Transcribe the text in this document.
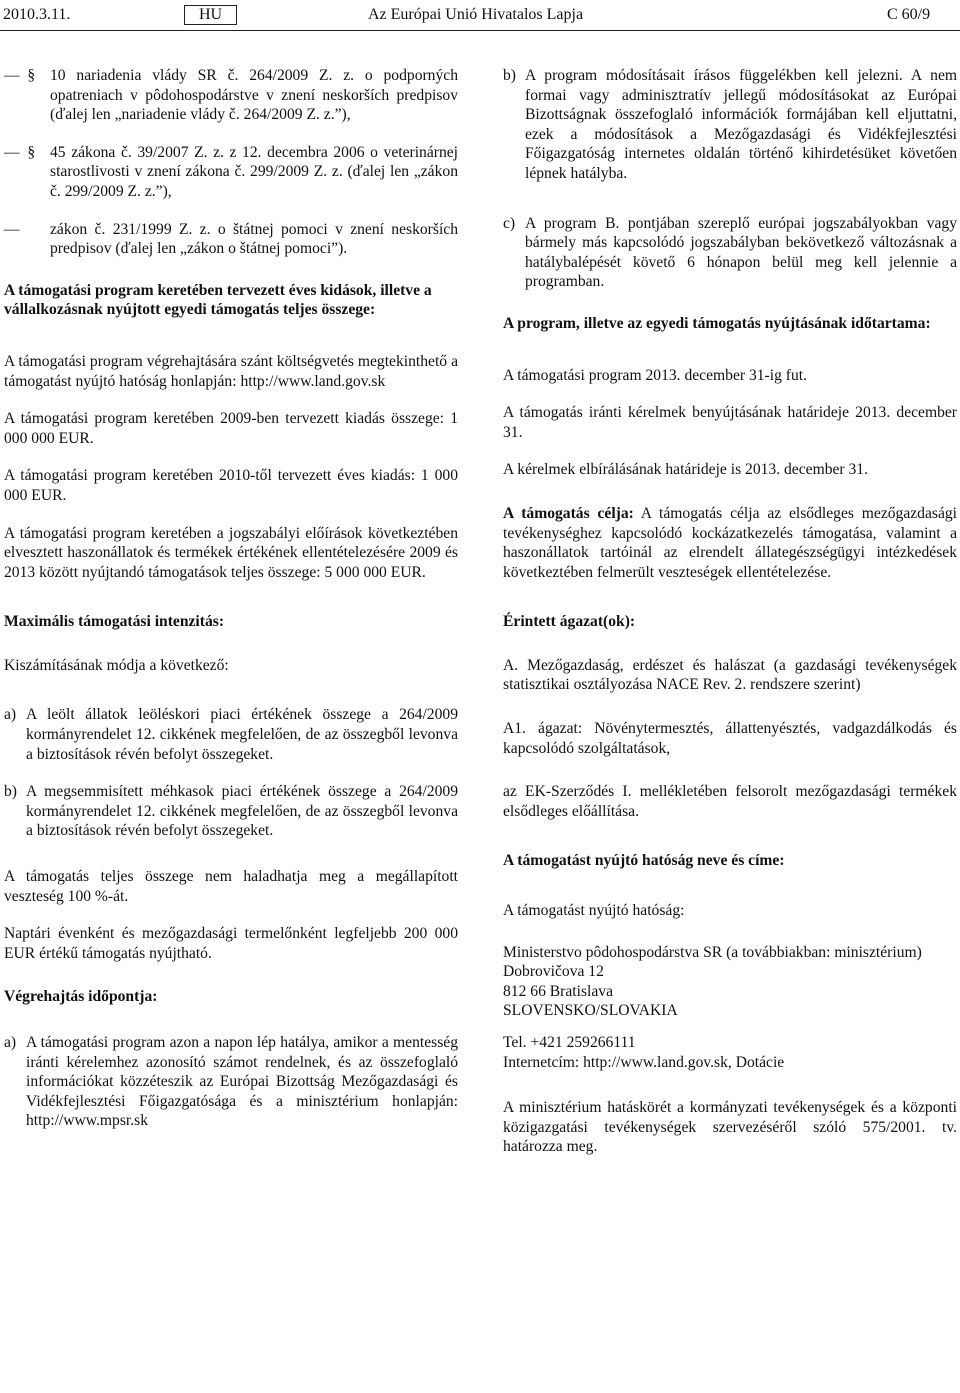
2010.3.11.	HU	Az Európai Unió Hivatalos Lapja	C 60/9
—  § 10 nariadenia vlády SR č. 264/2009 Z. z. o podporných opatreniach v pôdohospodárstve v znení neskorších predpisov (ďalej len „nariadenie vlády č. 264/2009 Z. z.”),
—  § 45 zákona č. 39/2007 Z. z. z 12. decembra 2006 o veterinárnej starostlivosti v znení zákona č. 299/2009 Z. z. (ďalej len „zákon č. 299/2009 Z. z.”),
— zákon č. 231/1999 Z. z. o štátnej pomoci v znení neskorších predpisov (ďalej len „zákon o štátnej pomoci”).

A támogatási program keretében tervezett éves kidások, illetve a vállalkozásnak nyújtott egyedi támogatás teljes összege:

A támogatási program végrehajtására szánt költségvetés megtekinthető a támogatást nyújtó hatóság honlapján: http://www.land.gov.sk

A támogatási program keretében 2009-ben tervezett kiadás összege: 1 000 000 EUR.

A támogatási program keretében 2010-től tervezett éves kiadás: 1 000 000 EUR.

A támogatási program keretében a jogszabályi előírások következtében elvesztett haszonállatok és termékek értékének ellentételezésére 2009 és 2013 között nyújtandó támogatások teljes összege: 5 000 000 EUR.

Maximális támogatási intenzitás:

Kiszámításának módja a következő:

a) A leölt állatok leöléskori piaci értékének összege a 264/2009 kormányrendelet 12. cikkének megfelelően, de az összegből levonva a biztosítások révén befolyt összegeket.
b) A megsemmisített méhkasok piaci értékének összege a 264/2009 kormányrendelet 12. cikkének megfelelően, de az összegből levonva a biztosítások révén befolyt összegeket.

A támogatás teljes összege nem haladhatja meg a megállapított veszteség 100 %-át.

Naptári évenként és mezőgazdasági termelőnként legfeljebb 200 000 EUR értékű támogatás nyújtható.

Végrehajtás időpontja:

a) A támogatási program azon a napon lép hatálya, amikor a mentesség iránti kérelemhez azonosító számot rendelnek, és az összefoglaló információkat közzéteszik az Európai Bizottság Mezőgazdasági és Vidékfejlesztési Főigazgatósága és a minisztérium honlapján: http://www.mpsr.sk
b) A program módosításait írásos függelékben kell jelezni. A nem formai vagy adminisztratív jellegű módosításokat az Európai Bizottságnak összefoglaló információk formájában kell eljuttatni, ezek a módosítások a Mezőgazdasági és Vidékfejlesztési Főigazgatóság internetes oldalán történő kihirdetésüket követően lépnek hatályba.
c) A program B. pontjában szereplő európai jogszabályokban vagy bármely más kapcsolódó jogszabályban bekövetkező változásnak a hatálybalépését követő 6 hónapon belül meg kell jelennie a programban.

A program, illetve az egyedi támogatás nyújtásának időtartama:

A támogatási program 2013. december 31-ig fut.

A támogatás iránti kérelmek benyújtásának határideje 2013. december 31.

A kérelmek elbírálásának határideje is 2013. december 31.

A támogatás célja: A támogatás célja az elsődleges mezőgazdasági tevékenységhez kapcsolódó kockázatkezelés támogatása, valamint a haszonállatok tartóinál az elrendelt állategészségügyi intézkedések következtében felmerült veszteségek ellentételezése.

Érintett ágazat(ok):

A. Mezőgazdaság, erdészet és halászat (a gazdasági tevékenységek statisztikai osztályozása NACE Rev. 2. rendszere szerint)

A1. ágazat: Növénytermesztés, állattenyésztés, vadgazdálkodás és kapcsolódó szolgáltatások,

az EK-Szerződés I. mellékletében felsorolt mezőgazdasági termékek elsődleges előállítása.

A támogatást nyújtó hatóság neve és címe:

A támogatást nyújtó hatóság:

Ministerstvo pôdohospodárstva SR (a továbbiakban: minisztérium)

Dobrovičova 12

812 66 Bratislava

SLOVENSKO/SLOVAKIA

Tel. +421 259266111

Internetcím: http://www.land.gov.sk, Dotácie

A minisztérium hatáskörét a kormányzati tevékenységek és a központi közigazgatási tevékenységek szervezéséről szóló 575/2001. tv. határozza meg.
